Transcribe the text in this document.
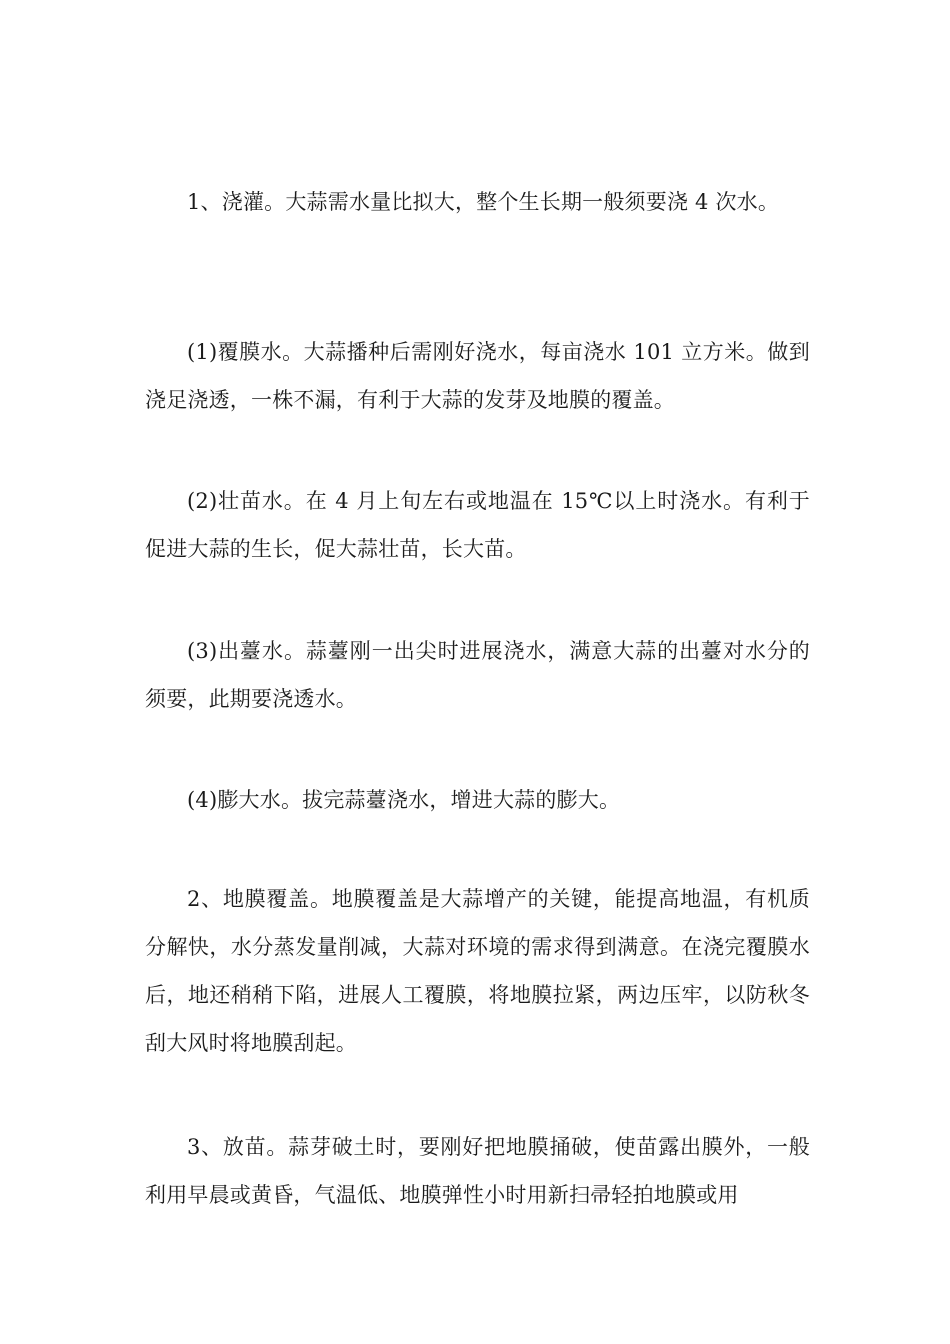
1、浇灌。大蒜需水量比拟大，整个生长期一般须要浇 4 次水。

(1)覆膜水。大蒜播种后需刚好浇水，每亩浇水 101 立方米。做到浇足浇透，一株不漏，有利于大蒜的发芽及地膜的覆盖。

(2)壮苗水。在 4 月上旬左右或地温在 15℃以上时浇水。有利于促进大蒜的生长，促大蒜壮苗，长大苗。

(3)出薹水。蒜薹刚一出尖时进展浇水，满意大蒜的出薹对水分的须要，此期要浇透水。

(4)膨大水。拔完蒜薹浇水，增进大蒜的膨大。

2、地膜覆盖。地膜覆盖是大蒜增产的关键，能提高地温，有机质分解快，水分蒸发量削减，大蒜对环境的需求得到满意。在浇完覆膜水后，地还稍稍下陷，进展人工覆膜，将地膜拉紧，两边压牢，以防秋冬刮大风时将地膜刮起。

3、放苗。蒜芽破土时，要刚好把地膜捅破，使苗露出膜外，一般利用早晨或黄昏，气温低、地膜弹性小时用新扫帚轻拍地膜或用
